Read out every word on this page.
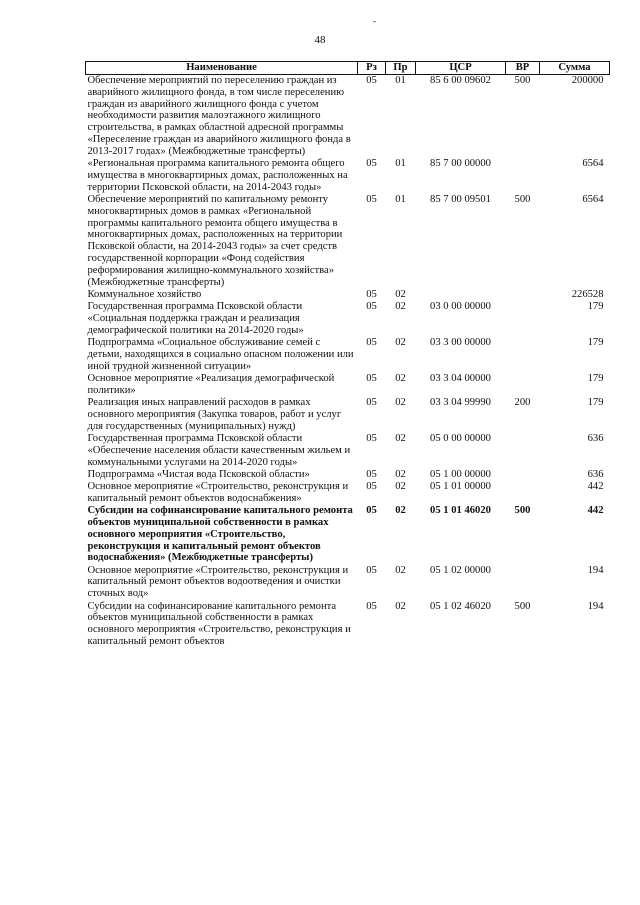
-
48
Наименование	Рз	Пр	ЦСР	ВР	Сумма
Обеспечение мероприятий по переселению граждан из аварийного жилищного фонда, в том числе переселению граждан из аварийного жилищного фонда с учетом необходимости развития малоэтажного жилищного строительства, в рамках областной адресной программы «Переселение граждан из аварийного жилищного фонда в 2013-2017 годах» (Межбюджетные трансферты)	05	01	85 6 00 09602	500	200000
«Региональная программа капитального ремонта общего имущества в многоквартирных домах, расположенных на территории Псковской области, на 2014-2043 годы»	05	01	85 7 00 00000		6564
Обеспечение мероприятий по капитальному ремонту многоквартирных домов в рамках «Региональной программы капитального ремонта общего имущества в многоквартирных домах, расположенных на территории Псковской области, на 2014-2043 годы» за счет средств государственной корпорации «Фонд содействия реформирования жилищно-коммунального хозяйства» (Межбюджетные трансферты)	05	01	85 7 00 09501	500	6564
Коммунальное хозяйство	05	02			226528
Государственная программа Псковской области «Социальная поддержка граждан и реализация демографической политики на 2014-2020 годы»	05	02	03 0 00 00000		179
Подпрограмма «Социальное обслуживание семей с детьми, находящихся в социально опасном положении или иной трудной жизненной ситуации»	05	02	03 3 00 00000		179
Основное мероприятие «Реализация демографической политики»	05	02	03 3 04 00000		179
Реализация иных направлений расходов в рамках основного мероприятия (Закупка товаров, работ и услуг для государственных (муниципальных) нужд)	05	02	03 3 04 99990	200	179
Государственная программа Псковской области «Обеспечение населения области качественным жильем и коммунальными услугами на 2014-2020 годы»	05	02	05 0 00 00000		636
Подпрограмма «Чистая вода Псковской области»	05	02	05 1 00 00000		636
Основное мероприятие «Строительство, реконструкция и капитальный ремонт объектов водоснабжения»	05	02	05 1 01 00000		442
Субсидии на софинансирование капитального ремонта объектов муниципальной собственности в рамках основного мероприятия «Строительство, реконструкция и капитальный ремонт объектов водоснабжения» (Межбюджетные трансферты)	05	02	05 1 01 46020	500	442
Основное мероприятие «Строительство, реконструкция и капитальный ремонт объектов водоотведения и очистки сточных вод»	05	02	05 1 02 00000		194
Субсидии на софинансирование капитального ремонта объектов муниципальной собственности в рамках основного мероприятия «Строительство, реконструкция и капитальный ремонт объектов	05	02	05 1 02 46020	500	194
